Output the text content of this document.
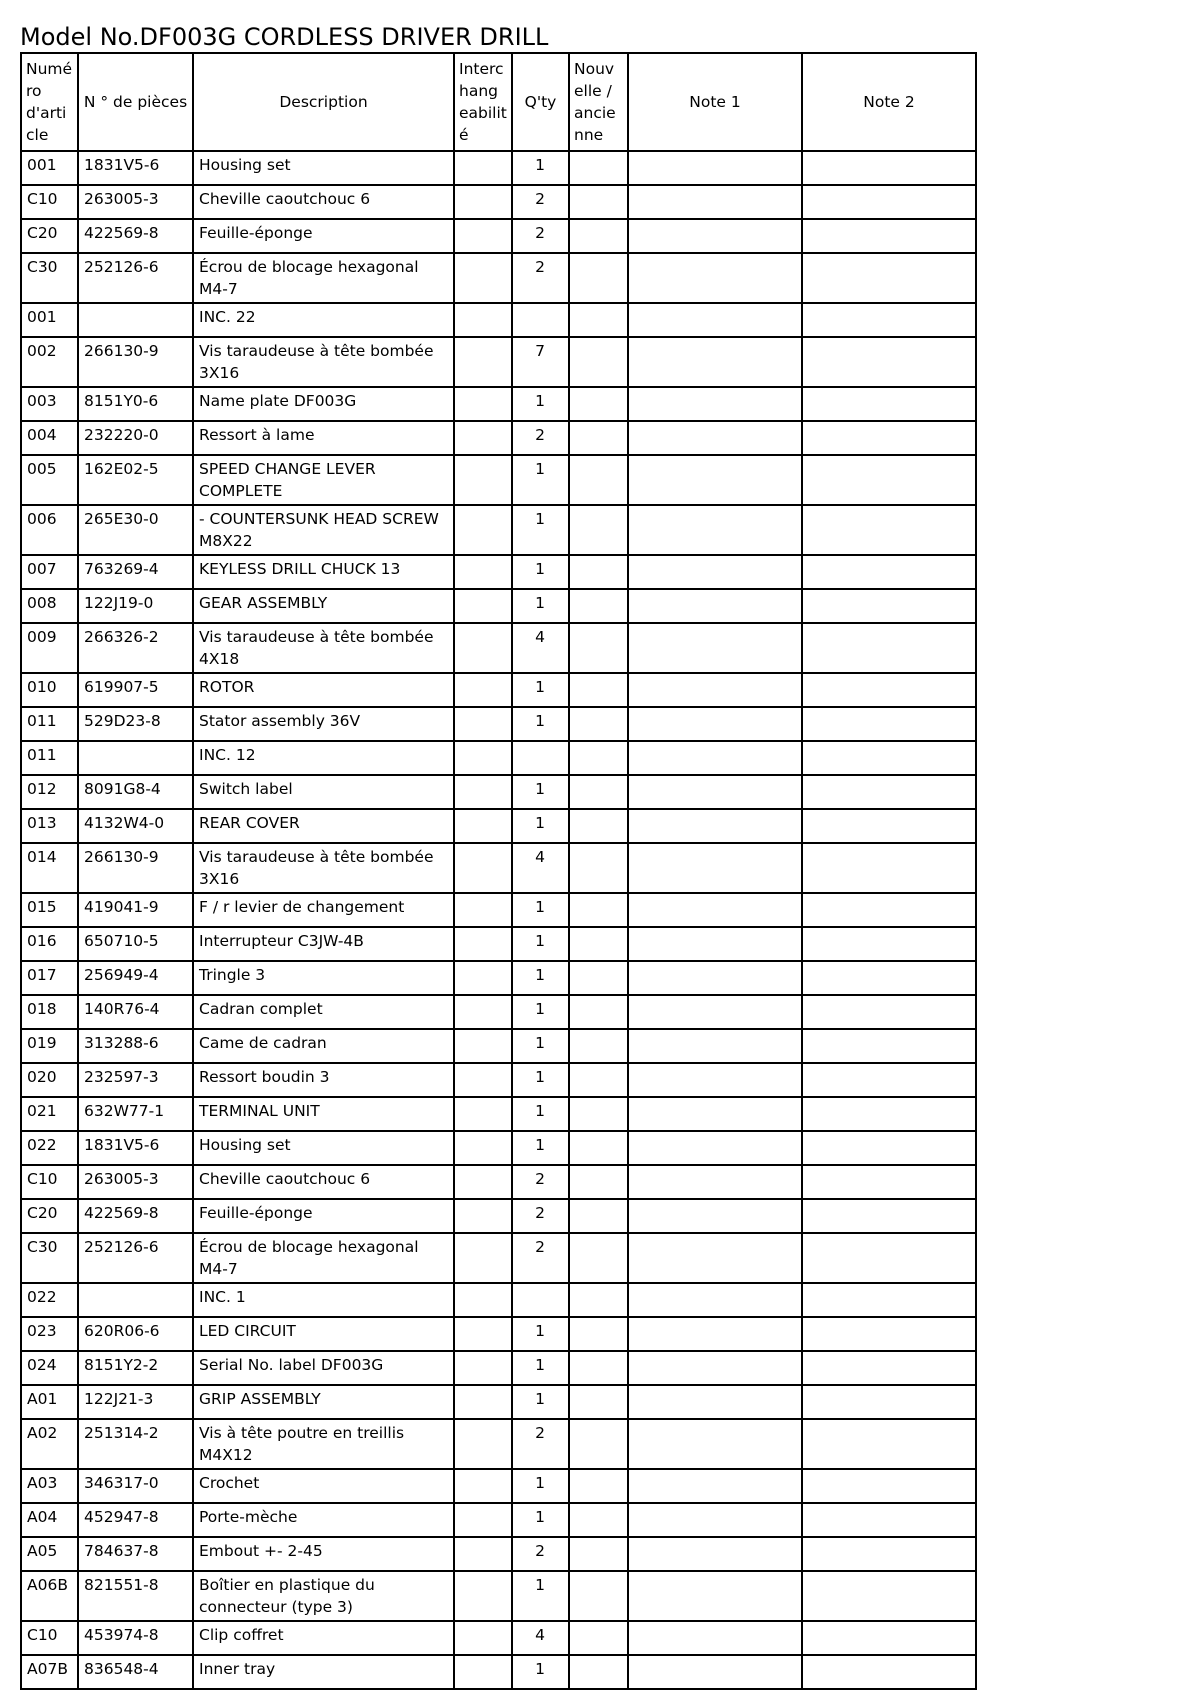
Model No.DF003G CORDLESS DRIVER DRILL
Numéro d'article	N ° de pièces	Description	Interchangeabilité	Q'ty	Nouvelle / ancienne	Note 1	Note 2
001	1831V5-6	Housing set		1			
C10	263005-3	Cheville caoutchouc 6		2			
C20	422569-8	Feuille-éponge		2			
C30	252126-6	Écrou de blocage hexagonal M4-7		2			
001		INC. 22					
002	266130-9	Vis taraudeuse à tête bombée 3X16		7			
003	8151Y0-6	Name plate DF003G		1			
004	232220-0	Ressort à lame		2			
005	162E02-5	SPEED CHANGE LEVER COMPLETE		1			
006	265E30-0	- COUNTERSUNK HEAD SCREW M8X22		1			
007	763269-4	KEYLESS DRILL CHUCK 13		1			
008	122J19-0	GEAR ASSEMBLY		1			
009	266326-2	Vis taraudeuse à tête bombée 4X18		4			
010	619907-5	ROTOR		1			
011	529D23-8	Stator assembly 36V		1			
011		INC. 12					
012	8091G8-4	Switch label		1			
013	4132W4-0	REAR COVER		1			
014	266130-9	Vis taraudeuse à tête bombée 3X16		4			
015	419041-9	F / r levier de changement		1			
016	650710-5	Interrupteur C3JW-4B		1			
017	256949-4	Tringle 3		1			
018	140R76-4	Cadran complet		1			
019	313288-6	Came de cadran		1			
020	232597-3	Ressort boudin 3		1			
021	632W77-1	TERMINAL UNIT		1			
022	1831V5-6	Housing set		1			
C10	263005-3	Cheville caoutchouc 6		2			
C20	422569-8	Feuille-éponge		2			
C30	252126-6	Écrou de blocage hexagonal M4-7		2			
022		INC. 1					
023	620R06-6	LED CIRCUIT		1			
024	8151Y2-2	Serial No. label DF003G		1			
A01	122J21-3	GRIP ASSEMBLY		1			
A02	251314-2	Vis à tête poutre en treillis M4X12		2			
A03	346317-0	Crochet		1			
A04	452947-8	Porte-mèche		1			
A05	784637-8	Embout +- 2-45		2			
A06B	821551-8	Boîtier en plastique du connecteur (type 3)		1			
C10	453974-8	Clip coffret		4			
A07B	836548-4	Inner tray		1			
